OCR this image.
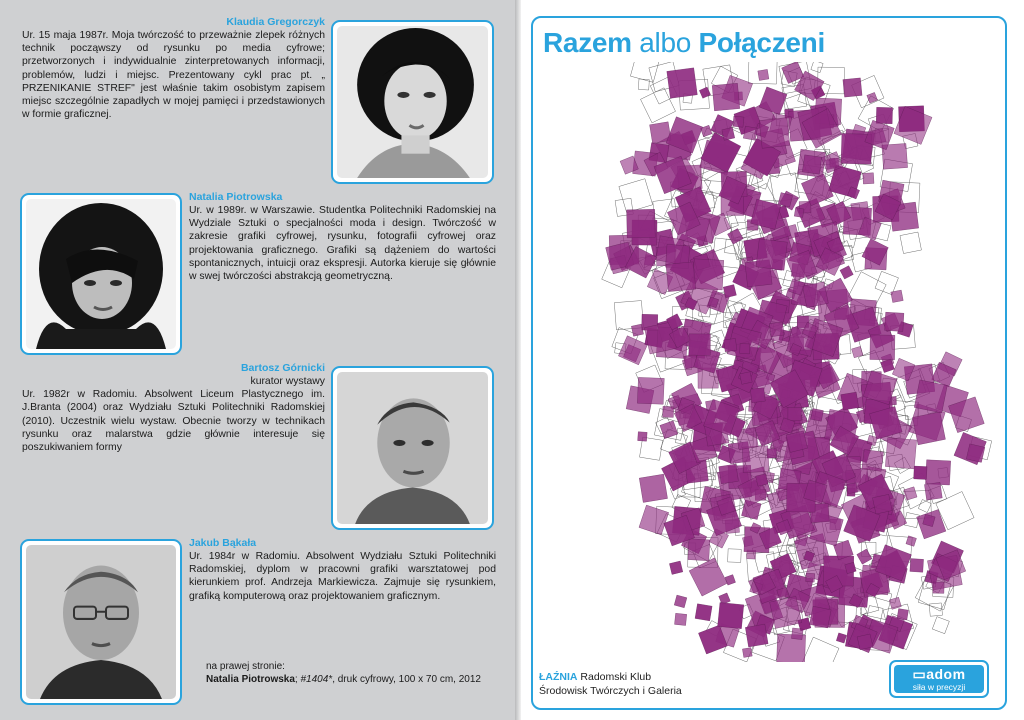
Klaudia Gregorczyk

Ur. 15 maja 1987r. Moja twórczość to przeważnie zlepek różnych technik począwszy od rysunku po media cyfrowe; przetworzonych i indywidualnie zinterpretowanych informacji, problemów, ludzi i miejsc. Prezentowany cykl prac pt. „ PRZENIKANIE STREF" jest właśnie takim osobistym zapisem miejsc szczególnie zapadłych w mojej pamięci i przedstawionych w formie graficznej.

Natalia Piotrowska

Ur. w 1989r. w Warszawie. Studentka Politechniki Radomskiej na Wydziale Sztuki o specjalności moda i design. Twórczość w zakresie grafiki cyfrowej, rysunku, fotografii cyfrowej oraz projektowania graficznego. Grafiki są dążeniem do wartości spontanicznych, intuicji oraz ekspresji. Autorka kieruje się głównie w swej twórczości abstrakcją geometryczną.

Bartosz Górnicki
kurator wystawy

Ur. 1982r w Radomiu. Absolwent Liceum Plastycznego im. J.Branta (2004) oraz Wydziału Sztuki Politechniki Radomskiej (2010). Uczestnik wielu wystaw. Obecnie tworzy w technikach rysunku oraz malarstwa gdzie głównie interesuje się poszukiwaniem formy

Jakub Bąkała

Ur. 1984r w Radomiu. Absolwent Wydziału Sztuki Politechniki Radomskiej, dyplom w pracowni grafiki warsztatowej pod kierunkiem prof. Andrzeja Markiewicza. Zajmuje się rysunkiem, grafiką komputerową oraz projektowaniem graficznym.

na prawej stronie:
Natalia Piotrowska; #1404*, druk cyfrowy, 100 x 70 cm, 2012
Razem albo Połączeni
ŁAŹNIA Radomski Klub
Środowisk Twórczych i Galeria
▭adom
siła w precyzji
